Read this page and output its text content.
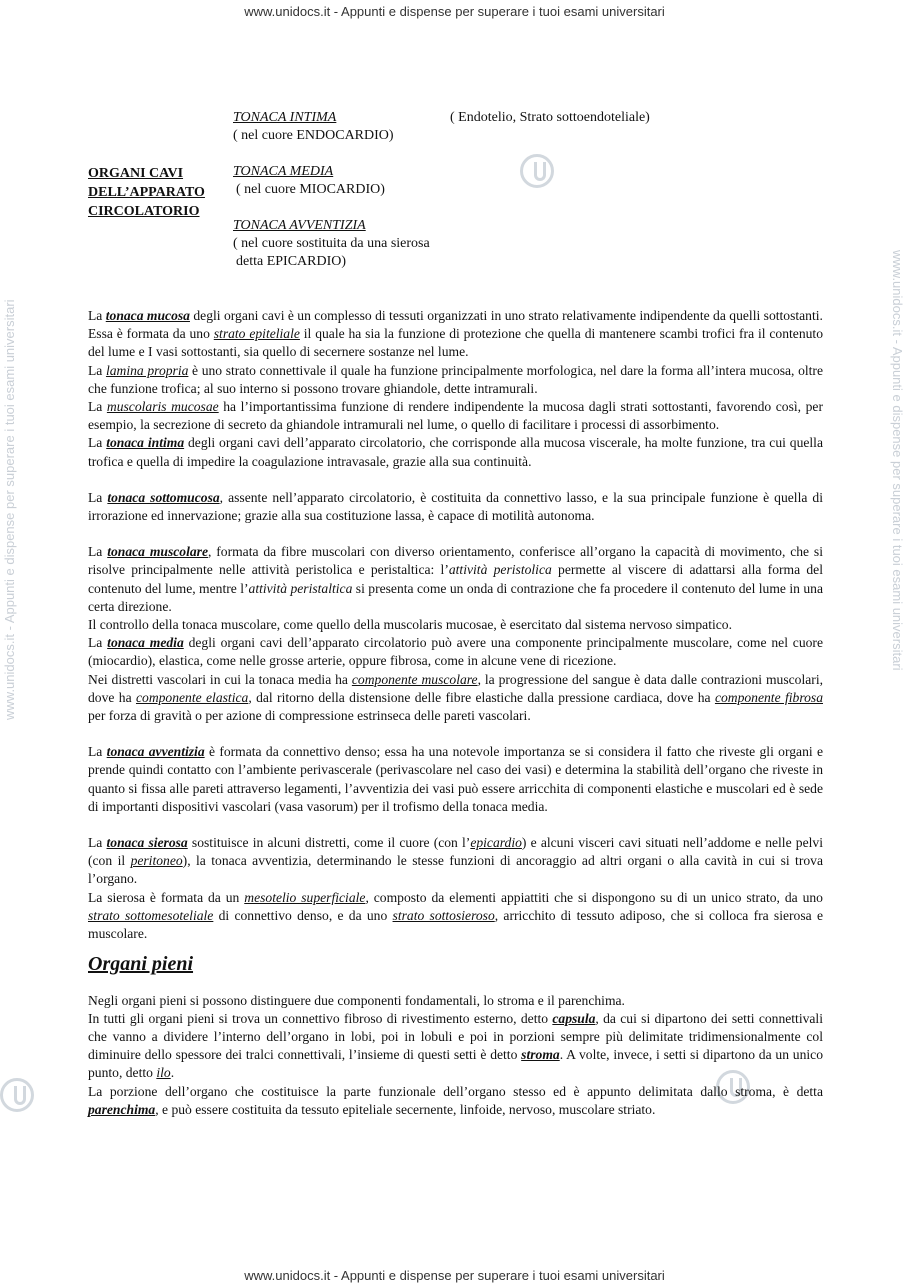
www.unidocs.it - Appunti e dispense per superare i tuoi esami universitari
www.unidocs.it - Appunti e dispense per superare i tuoi esami universitari
www.unidocs.it - Appunti e dispense per superare i tuoi esami universitari	www.unidocs.it - Appunti e dispense per superare i tuoi esami universitari
ORGANI CAVI
DELL’APPARATO
CIRCOLATORIO
TONACA INTIMA
( nel cuore ENDOCARDIO)
( Endotelio, Strato sottoendoteliale)
TONACA MEDIA
( nel cuore MIOCARDIO)
TONACA AVVENTIZIA
( nel cuore sostituita da una sierosa
detta EPICARDIO)

La tonaca mucosa degli organi cavi è un complesso di tessuti organizzati in uno strato relativamente indipendente da quelli sottostanti.

Essa è formata da uno strato epiteliale il quale ha sia la funzione di protezione che quella di mantenere scambi trofici fra il contenuto del lume e I vasi sottostanti, sia quello di secernere sostanze nel lume.

La lamina propria è uno strato connettivale il quale ha funzione principalmente morfologica, nel dare la forma all’intera mucosa, oltre che funzione trofica; al suo interno si possono trovare ghiandole, dette intramurali.

La muscolaris mucosae ha l’importantissima funzione di rendere indipendente la mucosa dagli strati sottostanti, favorendo così, per esempio, la secrezione di secreto da ghiandole intramurali nel lume, o quello di facilitare i processi di assorbimento.

La tonaca intima degli organi cavi dell’apparato circolatorio, che corrisponde alla mucosa viscerale, ha molte funzione, tra cui quella trofica e quella di impedire la coagulazione intravasale, grazie alla sua continuità.

La tonaca sottomucosa, assente nell’apparato circolatorio, è costituita da connettivo lasso, e la sua principale funzione è quella di irrorazione ed innervazione; grazie alla sua costituzione lassa, è capace di motilità autonoma.

La tonaca muscolare, formata da fibre muscolari con diverso orientamento, conferisce all’organo la capacità di movimento, che si risolve principalmente nelle attività peristolica e peristaltica: l’attività peristolica permette al viscere di adattarsi alla forma del contenuto del lume, mentre l’attività peristaltica si presenta come un onda di contrazione che fa procedere il contenuto del lume in una certa direzione.

Il controllo della tonaca muscolare, come quello della muscolaris mucosae, è esercitato dal sistema nervoso simpatico.

La tonaca media degli organi cavi dell’apparato circolatorio può avere una componente principalmente muscolare, come nel cuore (miocardio), elastica, come nelle grosse arterie, oppure fibrosa, come in alcune vene di ricezione.

Nei distretti vascolari in cui la tonaca media ha componente muscolare, la progressione del sangue è data dalle contrazioni muscolari, dove ha componente elastica, dal ritorno della distensione delle fibre elastiche dalla pressione cardiaca, dove ha componente fibrosa per forza di gravità o per azione di compressione estrinseca delle pareti vascolari.

La tonaca avventizia è formata da connettivo denso; essa ha una notevole importanza se si considera il fatto che riveste gli organi e prende quindi contatto con l’ambiente perivascerale (perivascolare nel caso dei vasi) e determina la stabilità dell’organo che riveste in quanto si fissa alle pareti attraverso legamenti, l’avventizia dei vasi può essere arricchita di componenti elastiche e muscolari ed è sede di importanti dispositivi vascolari (vasa vasorum) per il trofismo della tonaca media.

La tonaca sierosa sostituisce in alcuni distretti, come il cuore (con l’epicardio) e alcuni visceri cavi situati nell’addome e nelle pelvi (con il peritoneo), la tonaca avventizia, determinando le stesse funzioni di ancoraggio ad altri organi o alla cavità in cui si trova l’organo.

La sierosa è formata da un mesotelio superficiale, composto da elementi appiattiti che si dispongono su di un unico strato, da uno strato sottomesoteliale di connettivo denso, e da uno strato sottosieroso, arricchito di tessuto adiposo, che si colloca fra sierosa e muscolare.

Organi pieni

Negli organi pieni si possono distinguere due componenti fondamentali, lo stroma e il parenchima.

In tutti gli organi pieni si trova un connettivo fibroso di rivestimento esterno, detto capsula, da cui si dipartono dei setti connettivali che vanno a dividere l’interno dell’organo in lobi, poi in lobuli e poi in porzioni sempre più delimitate tridimensionalmente col diminuire dello spessore dei tralci connettivali, l’insieme di questi setti è detto stroma. A volte, invece, i setti si dipartono da un unico punto, detto ilo.

La porzione dell’organo che costituisce la parte funzionale dell’organo stesso ed è appunto delimitata dallo stroma, è detta parenchima, e può essere costituita da tessuto epiteliale secernente, linfoide, nervoso, muscolare striato.
